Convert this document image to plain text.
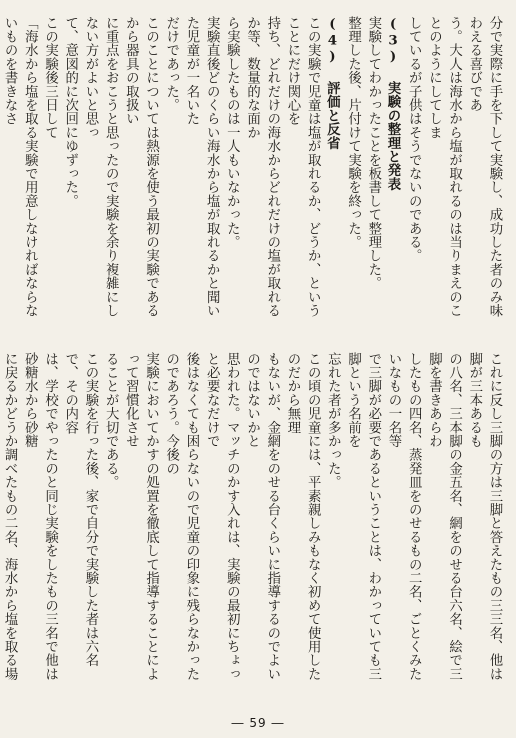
分で実際に手を下して実験し、成功した者のみ味わえる喜びであ

う。大人は海水から塩が取れるのは当りまえのことのようにしてしま

しているが子供はそうでないのである。

(3) 実験の整理と発表

実験してわかったことを板書して整理した。

整理した後、片付けて実験を終った。

(4) 評価と反省

この実験で児童は塩が取れるか、どうか、ということにだけ関心を

持ち、どれだけの海水からどれだけの塩が取れるか等、数量的な面か

ら実験したものは一人もいなかった。

実験直後どのくらい海水から塩が取れるかと聞いた児童が一名いた

だけであった。

このことについては熱源を使う最初の実験であるから器具の取扱い

に重点をおこうと思ったので実験を余り複雑にしない方がよいと思っ

て、意図的に次回にゆずった。

この実験後三日して

「海水から塩を取る実験で用意しなければならないものを書きなさ

これに反し三脚の方は三脚と答えたもの三三名、他は脚が三本あるも

の八名、三本脚の金五名、網をのせる台六名、絵で三脚を書きあらわ

したもの四名、蒸発皿をのせるもの二名、ごとくみたいなもの一名等

で三脚が必要であるということは、わかっていても三脚という名前を

忘れた者が多かった。

この頃の児童には、平素親しみもなく初めて使用したのだから無理

もないが、金網をのせる台くらいに指導するのでよいのではないかと

思われた。マッチのかす入れは、実験の最初にちょっと必要なだけで

後はなくても困らないので児童の印象に残らなかったのであろう。今後の

実験においてかすの処置を徹底して指導することによって習慣化させ

ることが大切である。

この実験を行った後、家で自分で実験した者は六名で、その内容

は、学校でやったのと同じ実験をしたもの三名で他は砂糖水から砂糖

に戻るかどうか調べたもの二名、海水から塩を取る場

― 59 ―
